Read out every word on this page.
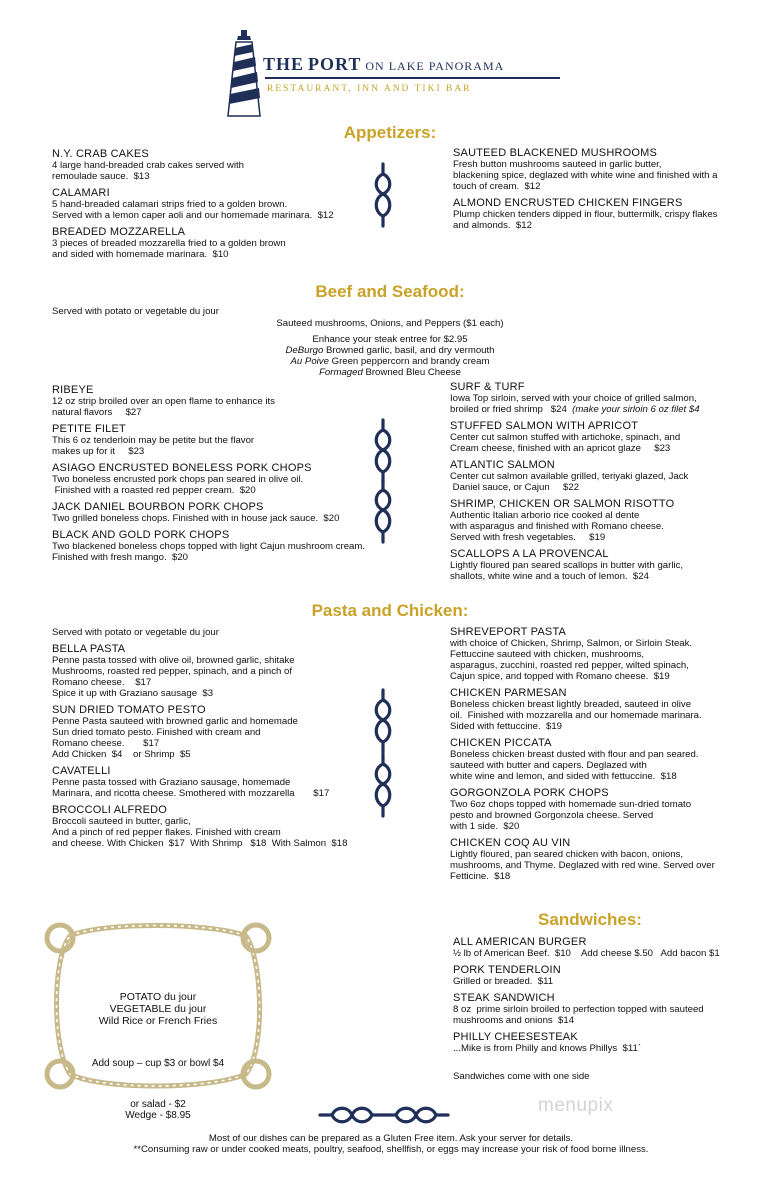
THE PORT ON LAKE PANORAMA
RESTAURANT, INN AND TIKI BAR
Appetizers:
N.Y. CRAB CAKES
4 large hand-breaded crab cakes served with
remoulade sauce.  $13
CALAMARI
5 hand-breaded calamari strips fried to a golden brown.
Served with a lemon caper aoli and our homemade marinara.  $12
BREADED MOZZARELLA
3 pieces of breaded mozzarella fried to a golden brown
and sided with homemade marinara.  $10
SAUTEED BLACKENED MUSHROOMS
Fresh button mushrooms sauteed in garlic butter,
blackening spice, deglazed with white wine and finished with a
touch of cream.  $12
ALMOND ENCRUSTED CHICKEN FINGERS
Plump chicken tenders dipped in flour, buttermilk, crispy flakes
and almonds.  $12
Beef and Seafood:
Served with potato or vegetable du jour
Sauteed mushrooms, Onions, and Peppers ($1 each)
Enhance your steak entree for $2.95
DeBurgo Browned garlic, basil, and dry vermouth
Au Poive Green peppercorn and brandy cream
Formaged Browned Bleu Cheese
RIBEYE
12 oz strip broiled over an open flame to enhance its
natural flavors     $27
PETITE FILET
This 6 oz tenderloin may be petite but the flavor
makes up for it     $23
ASIAGO ENCRUSTED BONELESS PORK CHOPS
Two boneless encrusted pork chops pan seared in olive oil.
Finished with a roasted red pepper cream.  $20
JACK DANIEL BOURBON PORK CHOPS
Two grilled boneless chops. Finished with in house jack sauce.  $20
BLACK AND GOLD PORK CHOPS
Two blackened boneless chops topped with light Cajun mushroom cream.
Finished with fresh mango.  $20
SURF & TURF
Iowa Top sirloin, served with your choice of grilled salmon,
broiled or fried shrimp   $24  (make your sirloin 6 oz filet $4
STUFFED SALMON WITH APRICOT
Center cut salmon stuffed with artichoke, spinach, and
Cream cheese, finished with an apricot glaze     $23
ATLANTIC SALMON
Center cut salmon available grilled, teriyaki glazed, Jack
Daniel sauce, or Cajun     $22
SHRIMP, CHICKEN OR SALMON RISOTTO
Authentic Italian arborio rice cooked al dente
with asparagus and finished with Romano cheese.
Served with fresh vegetables.     $19
SCALLOPS A LA PROVENCAL
Lightly floured pan seared scallops in butter with garlic,
shallots, white wine and a touch of lemon.  $24
Pasta and Chicken:
Served with potato or vegetable du jour
BELLA PASTA
Penne pasta tossed with olive oil, browned garlic, shitake
Mushrooms, roasted red pepper, spinach, and a pinch of
Romano cheese.    $17
Spice it up with Graziano sausage  $3
SUN DRIED TOMATO PESTO
Penne Pasta sauteed with browned garlic and homemade
Sun dried tomato pesto. Finished with cream and
Romano cheese.       $17
Add Chicken  $4    or Shrimp  $5
CAVATELLI
Penne pasta tossed with Graziano sausage, homemade
Marinara, and ricotta cheese. Smothered with mozzarella       $17
BROCCOLI ALFREDO
Broccoli sauteed in butter, garlic,
And a pinch of red pepper flakes. Finished with cream
and cheese. With Chicken  $17  With Shrimp   $18  With Salmon  $18
SHREVEPORT PASTA
with choice of Chicken, Shrimp, Salmon, or Sirloin Steak.
Fettuccine sauteed with chicken, mushrooms,
asparagus, zucchini, roasted red pepper, wilted spinach,
Cajun spice, and topped with Romano cheese.  $19
CHICKEN PARMESAN
Boneless chicken breast lightly breaded, sauteed in olive
oil.  Finished with mozzarella and our homemade marinara.
Sided with fettuccine.  $19
CHICKEN PICCATA
Boneless chicken breast dusted with flour and pan seared.
sauteed with butter and capers. Deglazed with
white wine and lemon, and sided with fettuccine.  $18
GORGONZOLA PORK CHOPS
Two 6oz chops topped with homemade sun-dried tomato
pesto and browned Gorgonzola cheese. Served
with 1 side.  $20
CHICKEN COQ AU VIN
Lightly floured, pan seared chicken with bacon, onions,
mushrooms, and Thyme. Deglazed with red wine. Served over
Fetticine.  $18

POTATO du jour
VEGETABLE du jour
Wild Rice or French Fries

Add soup – cup $3 or bowl $4

or salad - $2
Wedge - $8.95

Sandwiches:
ALL AMERICAN BURGER
½ lb of American Beef.  $10    Add cheese $.50   Add bacon $1
PORK TENDERLOIN
Grilled or breaded.  $11
STEAK SANDWICH
8 oz  prime sirloin broiled to perfection topped with sauteed
mushrooms and onions  $14
PHILLY CHEESESTEAK
...Mike is from Philly and knows Phillys  $11`
Sandwiches come with one side
menupix
Most of our dishes can be prepared as a Gluten Free item. Ask your server for details.
**Consuming raw or under cooked meats, poultry, seafood, shellfish, or eggs may increase your risk of food borne illness.
